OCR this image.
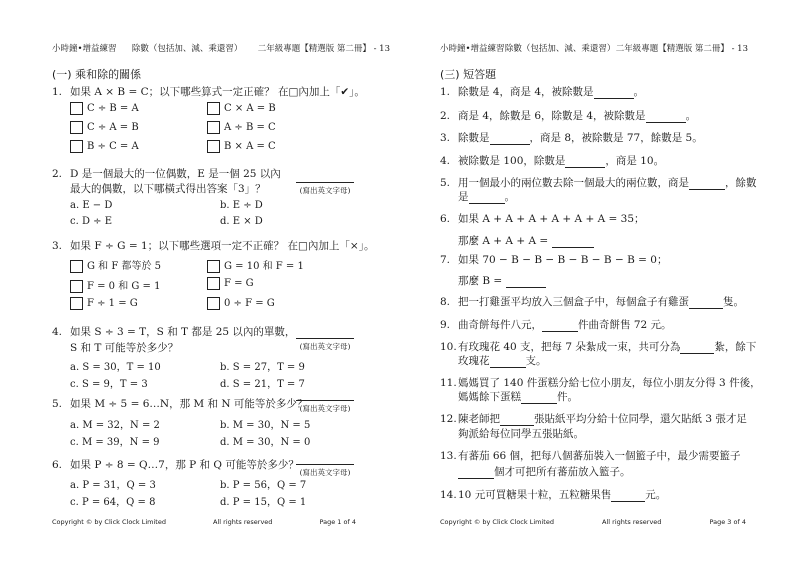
小時鐘•增益練習 除數（包括加、減、乘還習） 二年級專題【精選版 第二冊】 - 13
(一) 乘和除的關係
1. 如果 A × B = C；以下哪些算式一定正確？ 在□內加上「✔」。
C ÷ B = A	C × A = B
C ÷ A = B	A ÷ B = C
B ÷ C = A	B × A = C
2. D 是一個最大的一位偶數，E 是一個 25 以內
最大的偶數，以下哪橫式得出答案「3」？	(寫出英文字母)
a. E − D	b. E ÷ D
c. D ÷ E	d. E × D
3. 如果 F ÷ G = 1；以下哪些選項一定不正確？ 在□內加上「×」。
G 和 F 都等於 5	G = 10 和 F = 1
F = 0 和 G = 1	F = G
F ÷ 1 = G	0 ÷ F = G
4. 如果 S ÷ 3 = T，S 和 T 都是 25 以內的單數，
S 和 T 可能等於多少？	(寫出英文字母)
a. S = 30，T = 10	b. S = 27，T = 9
c. S = 9，T = 3	d. S = 21，T = 7
5. 如果 M ÷ 5 = 6…N，那 M 和 N 可能等於多少？
(寫出英文字母)
a. M = 32，N = 2	b. M = 30，N = 5
c. M = 39，N = 9	d. M = 30，N = 0
6. 如果 P ÷ 8 = Q…7，那 P 和 Q 可能等於多少？
(寫出英文字母)
a. P = 31，Q = 3	b. P = 56，Q = 7
c. P = 64，Q = 8	d. P = 15，Q = 1
Copyright © by Click Clock Limited	All rights reserved	Page 1 of 4
小時鐘•增益練習 除數（包括加、減、乘還習） 二年級專題【精選版 第二冊】 - 13
(三) 短答題
1. 除數是 4，商是 4，被除數是	。
2. 商是 4，餘數是 6，除數是 4，被除數是	。
3. 除數是	，商是 8，被除數是 77，餘數是 5。
4. 被除數是 100，除數是	，商是 10。
5. 用一個最小的兩位數去除一個最大的兩位數，商是	，餘數
是	。
6. 如果 A + A + A + A + A + A = 35；
那麼 A + A + A =
7. 如果 70 − B − B − B − B − B − B = 0；
那麼 B =
8. 把一打雞蛋平均放入三個盒子中，每個盒子有雞蛋	隻。
9. 曲奇餅每件八元，	件曲奇餅售 72 元。
10.有玫瑰花 40 支，把每 7 朵紮成一束，共可分為	紮，餘下
玫瑰花	支。
11.媽媽買了 140 件蛋糕分給七位小朋友，每位小朋友分得 3 件後，
媽媽餘下蛋糕	件。
12.陳老師把	張貼紙平均分給十位同學，還欠貼紙 3 張才足
夠派給每位同學五張貼紙。
13.有蕃茄 66 個，把每八個蕃茄裝入一個籃子中，最少需要籃子
個才可把所有蕃茄放入籃子。
14.10 元可買糖果十粒，五粒糖果售	元。
Copyright © by Click Clock Limited	All rights reserved	Page 3 of 4
